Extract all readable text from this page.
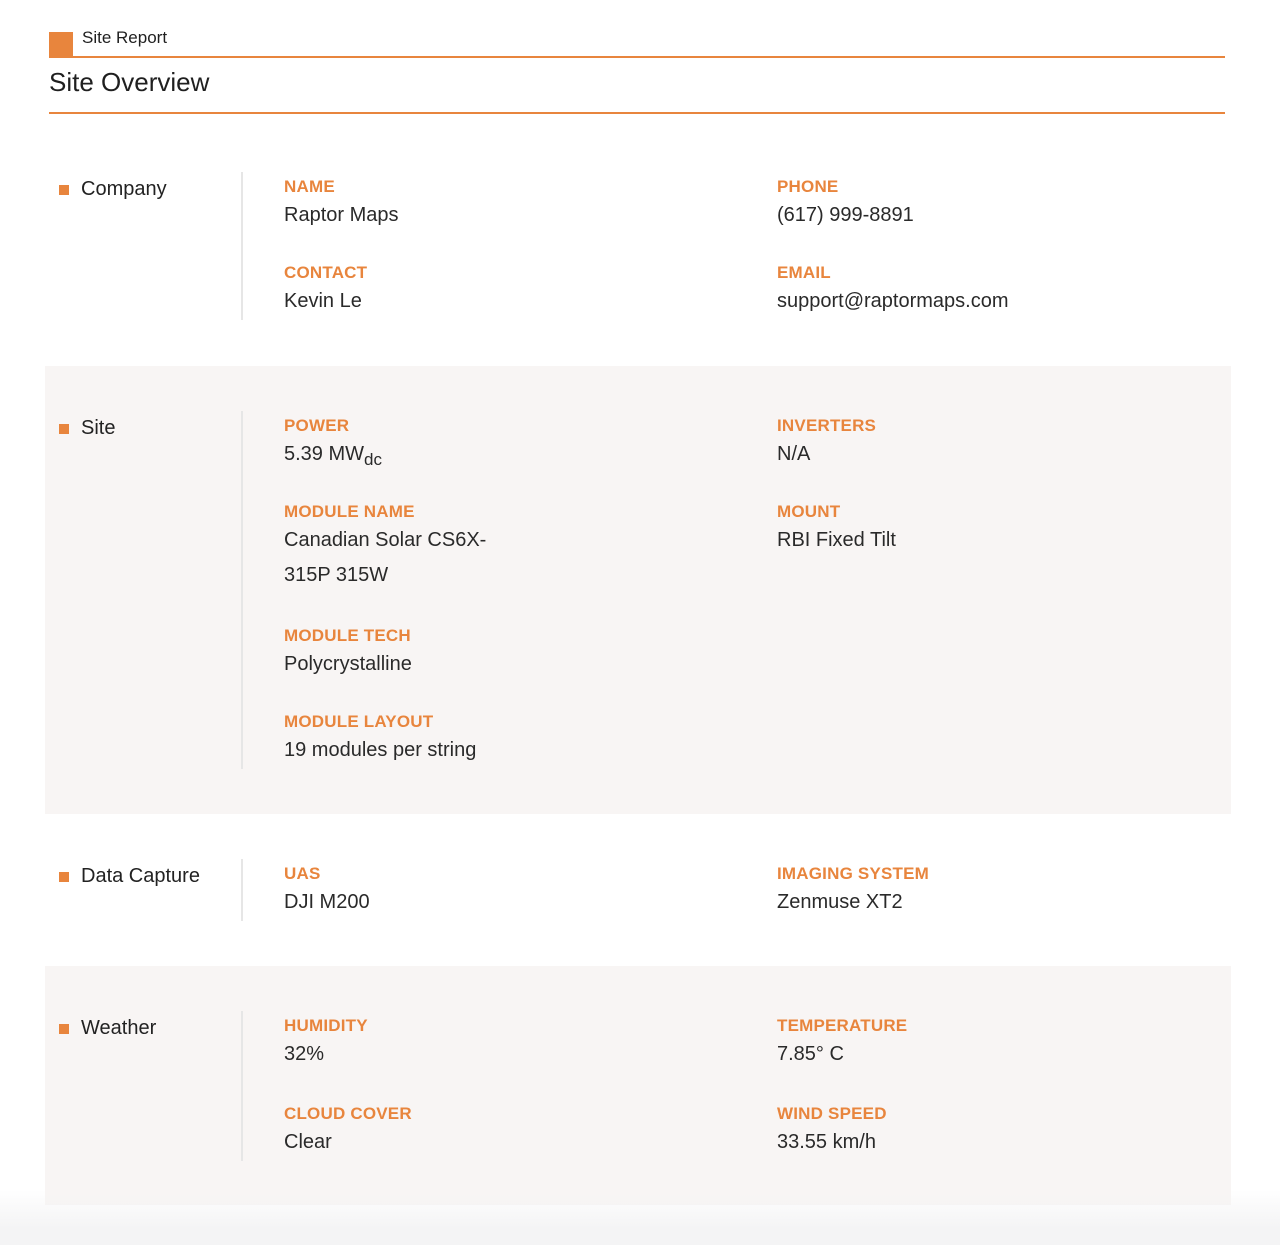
Site Report
Site Overview
Company	NAME
Raptor Maps
PHONE
(617) 999-8891
CONTACT
Kevin Le
EMAIL
support@raptormaps.com
Site	POWER
5.39 $MW_{dc}$
INVERTERS
N/A
MODULE NAME
Canadian Solar CS6X-
315P 315W
MOUNT
RBI Fixed Tilt
MODULE TECH
Polycrystalline
MODULE LAYOUT
19 modules per string
Data Capture	UAS
DJI M200
IMAGING SYSTEM
Zenmuse XT2
Weather	HUMIDITY
32%
TEMPERATURE
7.85° C
CLOUD COVER
Clear
WIND SPEED
33.55 km/h
